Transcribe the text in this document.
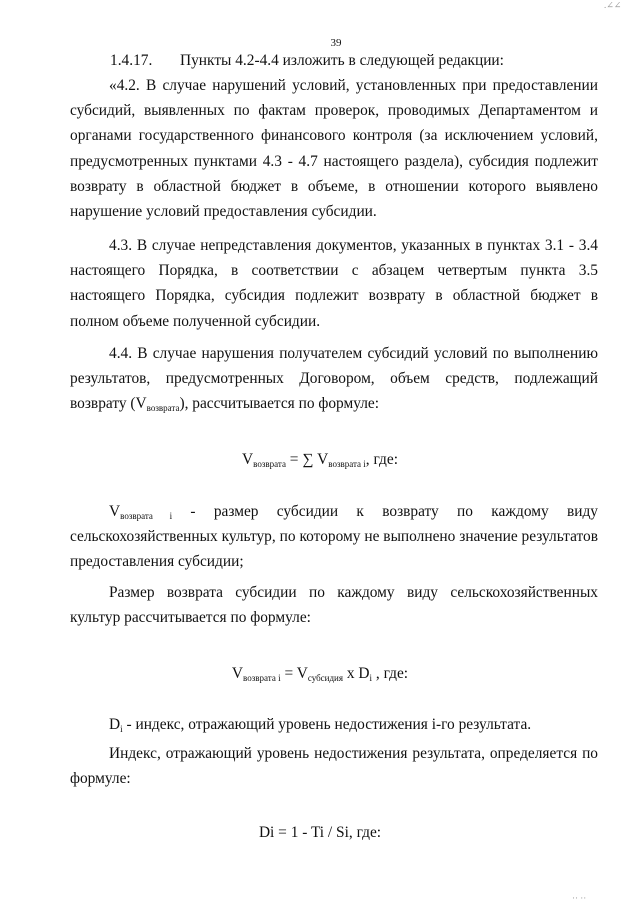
.∠∠
39
1.4.17. Пункты 4.2-4.4 изложить в следующей редакции:
«4.2. В случае нарушений условий, установленных при предоставлении субсидий, выявленных по фактам проверок, проводимых Департаментом и органами государственного финансового контроля (за исключением условий, предусмотренных пунктами 4.3 - 4.7 настоящего раздела), субсидия подлежит возврату в областной бюджет в объеме, в отношении которого выявлено нарушение условий предоставления субсидии.
4.3. В случае непредставления документов, указанных в пунктах 3.1 - 3.4 настоящего Порядка, в соответствии с абзацем четвертым пункта 3.5 настоящего Порядка, субсидия подлежит возврату в областной бюджет в полном объеме полученной субсидии.
4.4. В случае нарушения получателем субсидий условий по выполнению результатов, предусмотренных Договором, объем средств, подлежащий возврату $(V_{возврата})$, рассчитывается по формуле:
$V_{возврата}$ = ∑ $V_{возврата i}$, где:
$V_{возврата i}$ - размер субсидии к возврату по каждому виду сельскохозяйственных культур, по которому не выполнено значение результатов предоставления субсидии;
Размер возврата субсидии по каждому виду сельскохозяйственных культур рассчитывается по формуле:
$V_{возврата i} = V_{субсидия}$ x $D_i$ , где:
$D_i$ - индекс, отражающий уровень недостижения i-го результата.
Индекс, отражающий уровень недостижения результата, определяется по формуле:
Di = 1 - Ti / Si, где:
·· ··
